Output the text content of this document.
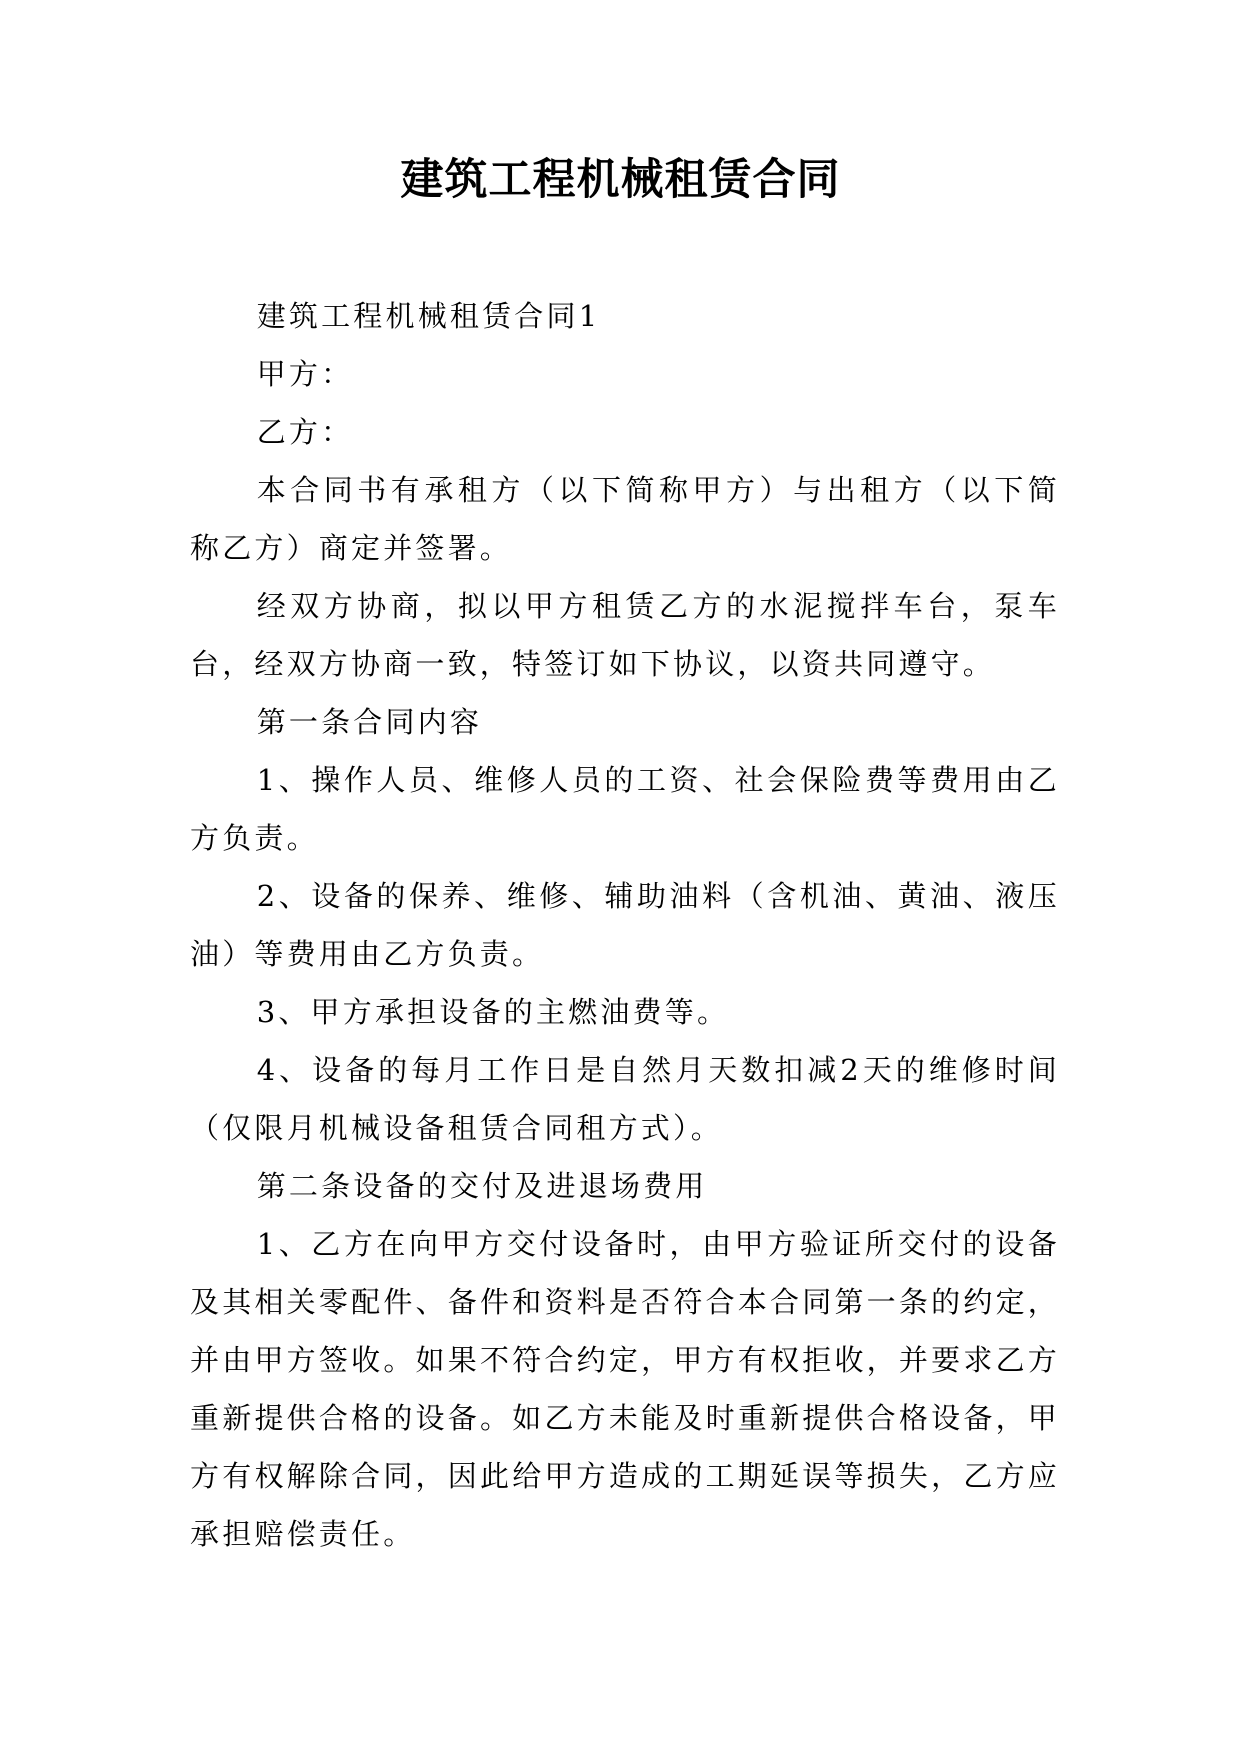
建筑工程机械租赁合同

建筑工程机械租赁合同1

甲方：

乙方：

本合同书有承租方（以下简称甲方）与出租方（以下简称乙方）商定并签署。

经双方协商，拟以甲方租赁乙方的水泥搅拌车台，泵车台，经双方协商一致，特签订如下协议，以资共同遵守。

第一条合同内容

1、操作人员、维修人员的工资、社会保险费等费用由乙方负责。

2、设备的保养、维修、辅助油料（含机油、黄油、液压油）等费用由乙方负责。

3、甲方承担设备的主燃油费等。

4、设备的每月工作日是自然月天数扣减2天的维修时间（仅限月机械设备租赁合同租方式）。

第二条设备的交付及进退场费用

1、乙方在向甲方交付设备时，由甲方验证所交付的设备及其相关零配件、备件和资料是否符合本合同第一条的约定，并由甲方签收。如果不符合约定，甲方有权拒收，并要求乙方重新提供合格的设备。如乙方未能及时重新提供合格设备，甲方有权解除合同，因此给甲方造成的工期延误等损失，乙方应承担赔偿责任。
